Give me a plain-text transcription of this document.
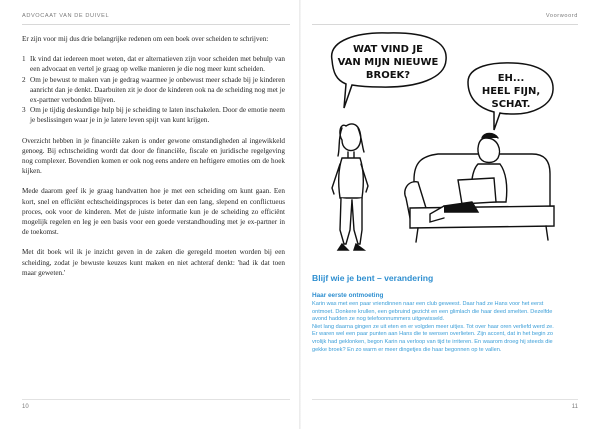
ADVOCAAT VAN DE DUIVEL

Er zijn voor mij dus drie belangrijke redenen om een boek over scheiden te schrijven:

1 Ik vind dat iedereen moet weten, dat er alternatieven zijn voor scheiden met behulp van een advocaat en vertel je graag op welke manieren je die nog meer kunt scheiden.
2 Om je bewust te maken van je gedrag waarmee je onbewust meer schade bij je kinderen aanricht dan je denkt. Daarbuiten zit je door de kinderen ook na de scheiding nog met je ex-partner verbonden blijven.
3 Om je tijdig deskundige hulp bij je scheiding te laten inschakelen. Door de emotie neem je beslissingen waar je in je latere leven spijt van kunt krijgen.

Overzicht hebben in je financiële zaken is onder gewone omstandigheden al ingewikkeld genoeg. Bij echtscheiding wordt dat door de financiële, fiscale en juridische regelgeving nog complexer. Bovendien komen er ook nog eens andere en heftigere emoties om de hoek kijken.

Mede daarom geef ik je graag handvatten hoe je met een scheiding om kunt gaan. Een kort, snel en efficiënt echtscheidingsproces is beter dan een lang, slepend en conflictueus proces, ook voor de kinderen. Met de juiste informatie kun je de scheiding zo efficiënt mogelijk regelen en leg je een basis voor een goede verstandhouding met je ex-partner in de toekomst.

Met dit boek wil ik je inzicht geven in de zaken die geregeld moeten worden bij een scheiding, zodat je bewuste keuzes kunt maken en niet achteraf denkt: 'had ik dat toen maar geweten.'

10
Voorwoord
WAT VIND JE
VAN MIJN NIEUWE
BROEK?	EH...
HEEL FIJN,
SCHAT.
Blijf wie je bent – verandering
Haar eerste ontmoeting

Karin was met een paar vriendinnen naar een club geweest. Daar had ze Hans voor het eerst ontmoet. Donkere krullen, een gebruind gezicht en een glimlach die haar deed smelten. Dezelfde avond hadden ze nog telefoonnummers uitgewisseld.

Niet lang daarna gingen ze uit eten en er volgden meer uitjes. Tot over haar oren verliefd werd ze.

Er waren wel een paar punten aan Hans die te wensen overlieten. Zijn accent, dat in het begin zo vrolijk had geklonken, begon Karin na verloop van tijd te irriteren. En waarom droeg hij steeds die gekke broek? En zo warm er meer dingetjes die haar begonnen op te vallen.

11
